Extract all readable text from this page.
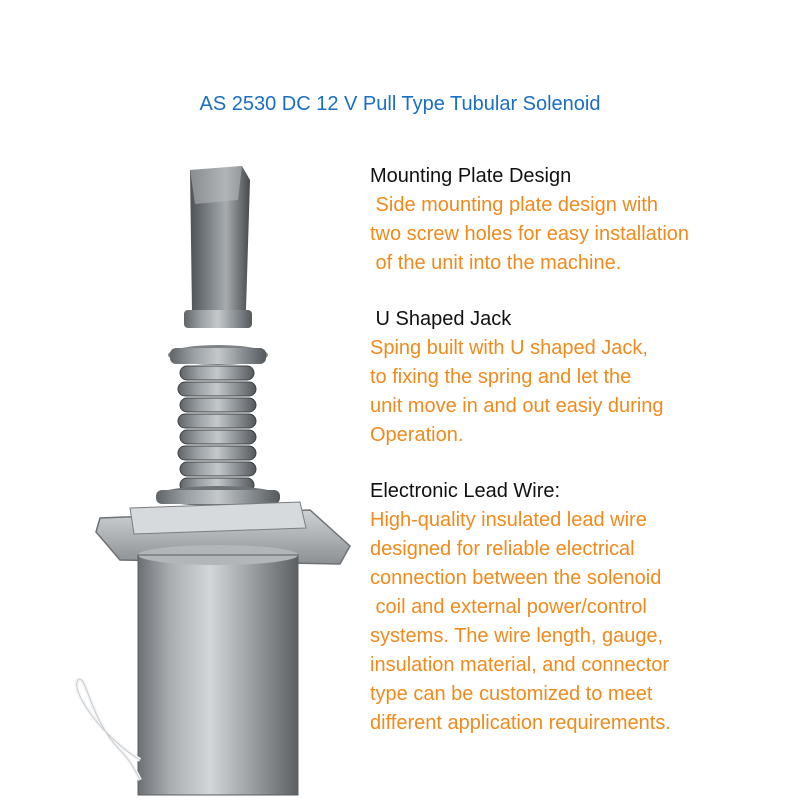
AS 2530 DC 12 V Pull Type Tubular Solenoid
Mounting Plate Design
Side mounting plate design with
two screw holes for easy installation
of the unit into the machine.
U Shaped Jack
Sping built with U shaped Jack,
to fixing the spring and let the
unit move in and out easiy during
Operation.
Electronic Lead Wire:
High-quality insulated lead wire
designed for reliable electrical
connection between the solenoid
coil and external power/control
systems. The wire length, gauge,
insulation material, and connector
type can be customized to meet
different application requirements.
